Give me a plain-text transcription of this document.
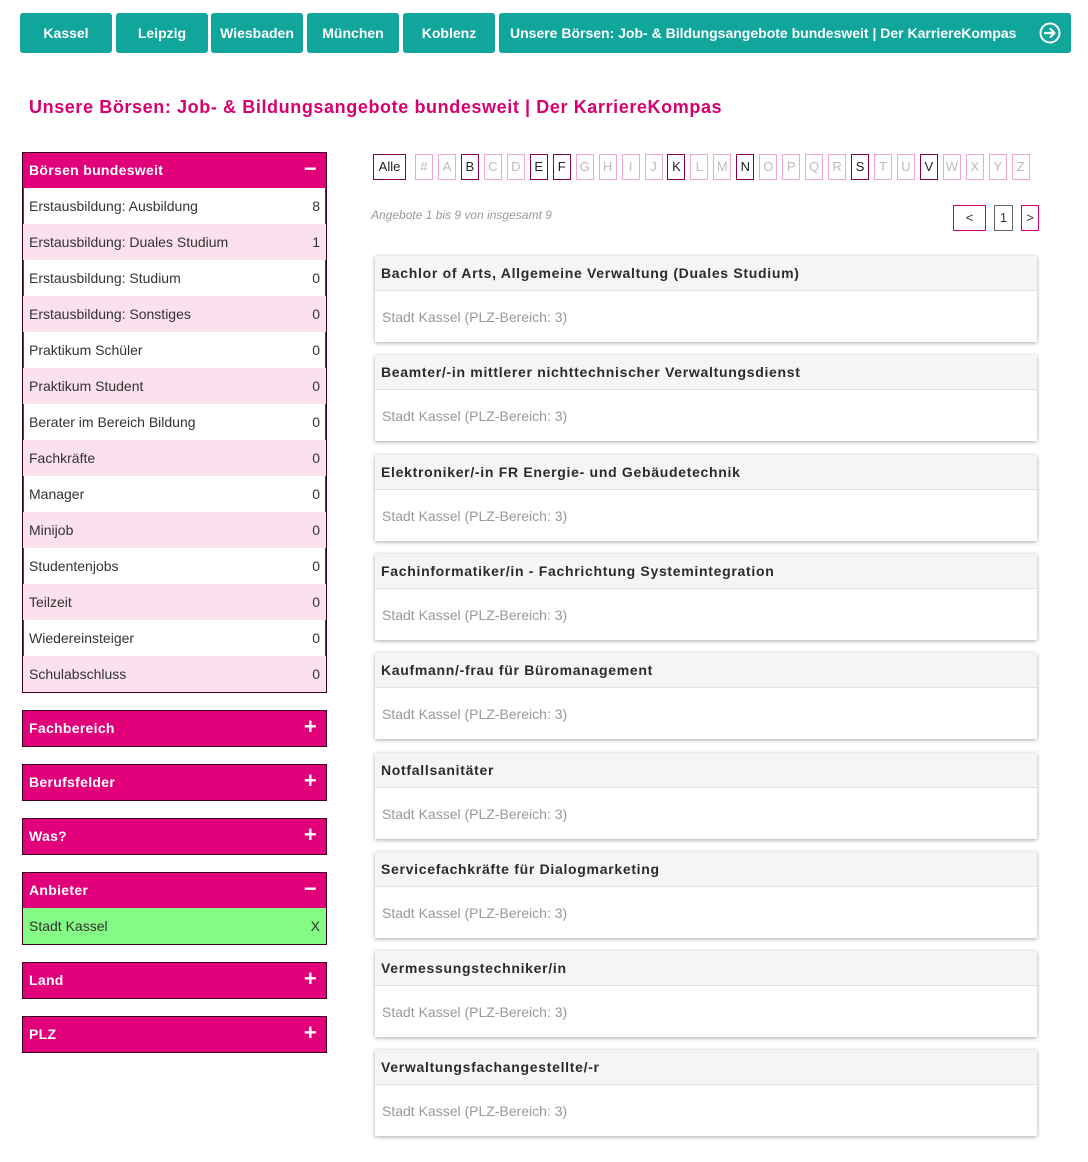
Kassel	Leipzig	Wiesbaden	München	Koblenz	Unsere Börsen: Job- & Bildungsangebote bundesweit | Der KarriereKompas
Unsere Börsen: Job- & Bildungsangebote bundesweit | Der KarriereKompas
Börsen bundesweit	−
Erstausbildung: Ausbildung	8
Erstausbildung: Duales Studium	1
Erstausbildung: Studium	0
Erstausbildung: Sonstiges	0
Praktikum Schüler	0
Praktikum Student	0
Berater im Bereich Bildung	0
Fachkräfte	0
Manager	0
Minijob	0
Studentenjobs	0
Teilzeit	0
Wiedereinsteiger	0
Schulabschluss	0
Fachbereich	+
Berufsfelder	+
Was?	+
Anbieter	−
Stadt Kassel	X
Land	+
PLZ	+
Alle	#	A	B	C	D	E	F	G	H	I	J	K	L	M N	O	P	Q	R	S	T	U	V W X	Y	Z
Angebote 1 bis 9 von insgesamt 9	<	1	>
Bachlor of Arts, Allgemeine Verwaltung (Duales Studium)
Stadt Kassel (PLZ-Bereich: 3)
Beamter/-in mittlerer nichttechnischer Verwaltungsdienst
Stadt Kassel (PLZ-Bereich: 3)
Elektroniker/-in FR Energie- und Gebäudetechnik
Stadt Kassel (PLZ-Bereich: 3)
Fachinformatiker/in - Fachrichtung Systemintegration
Stadt Kassel (PLZ-Bereich: 3)
Kaufmann/-frau für Büromanagement
Stadt Kassel (PLZ-Bereich: 3)
Notfallsanitäter
Stadt Kassel (PLZ-Bereich: 3)
Servicefachkräfte für Dialogmarketing
Stadt Kassel (PLZ-Bereich: 3)
Vermessungstechniker/in
Stadt Kassel (PLZ-Bereich: 3)
Verwaltungsfachangestellte/-r
Stadt Kassel (PLZ-Bereich: 3)
